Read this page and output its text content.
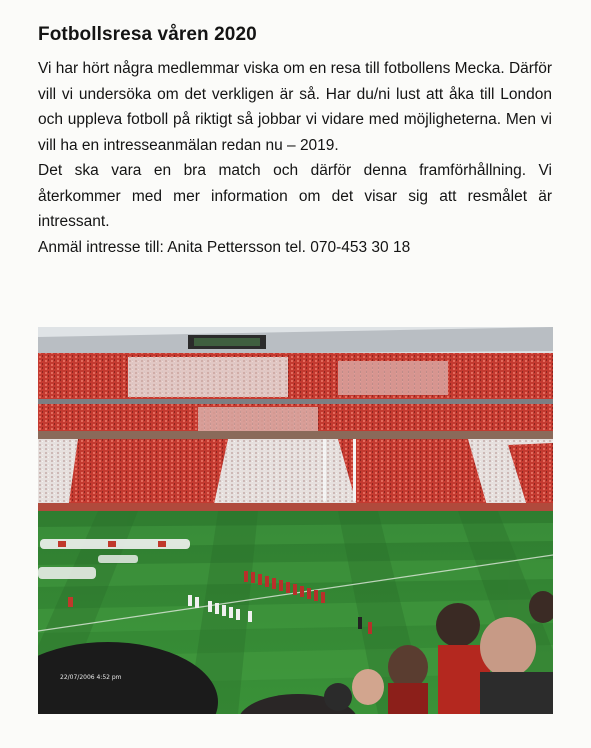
Fotbollsresa våren 2020

Vi har hört några medlemmar viska om en resa till fotbollens Mecka. Därför vill vi undersöka om det verkligen är så. Har du/ni lust att åka till London och uppleva fotboll på riktigt så jobbar vi vidare med möjligheterna. Men vi vill ha en intresseanmälan redan nu – 2019.

Det ska vara en bra match och därför denna framförhållning. Vi återkommer med mer information om det visar sig att resmålet är intressant.

Anmäl intresse till: Anita Pettersson tel. 070-453 30 18

22/07/2006 4:52 pm
